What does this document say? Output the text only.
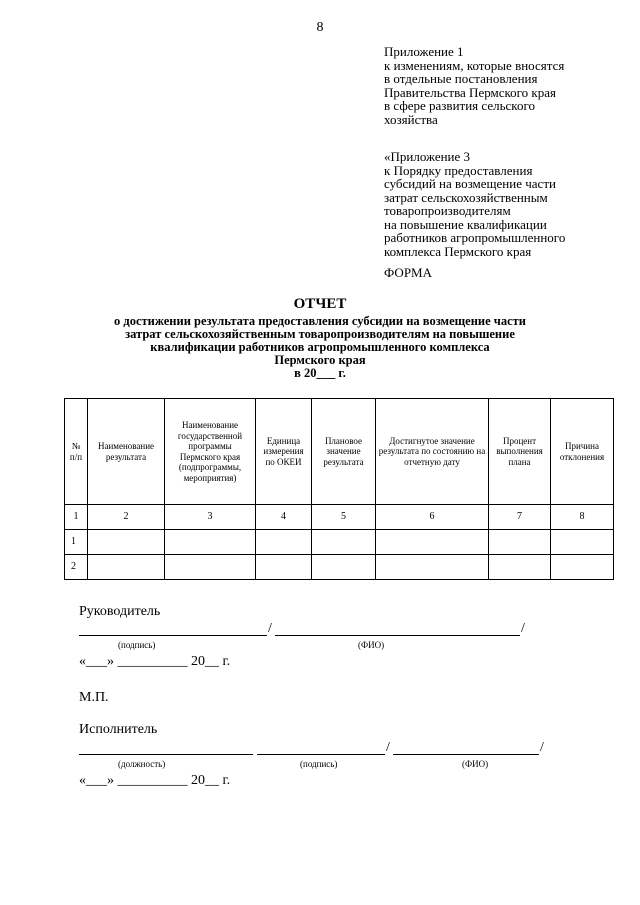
8
Приложение 1
к изменениям, которые вносятся
в отдельные постановления
Правительства Пермского края
в сфере развития сельского
хозяйства
«Приложение 3
к Порядку предоставления
субсидий на возмещение части
затрат сельскохозяйственным
товаропроизводителям
на повышение квалификации
работников агропромышленного
комплекса Пермского края
ФОРМА
ОТЧЕТ
о достижении результата предоставления субсидии на возмещение части
затрат сельскохозяйственным товаропроизводителям на повышение
квалификации работников агропромышленного комплекса
Пермского края
в 20___ г.
№ п/п	Наименование результата	Наименование государственной программы Пермского края (подпрограммы, мероприятия)	Единица измерения по ОКЕИ	Плановое значение результата	Достигнутое значение результата по состоянию на отчетную дату	Процент выполнения плана	Причина отклонения
1	2	3	4	5	6	7	8
1							
2							
Руководитель
/	/
(подпись)	(ФИО)
«___» __________ 20__ г.
М.П.
Исполнитель
/	/
(должность)	(подпись)	(ФИО)
«___» __________ 20__ г.
